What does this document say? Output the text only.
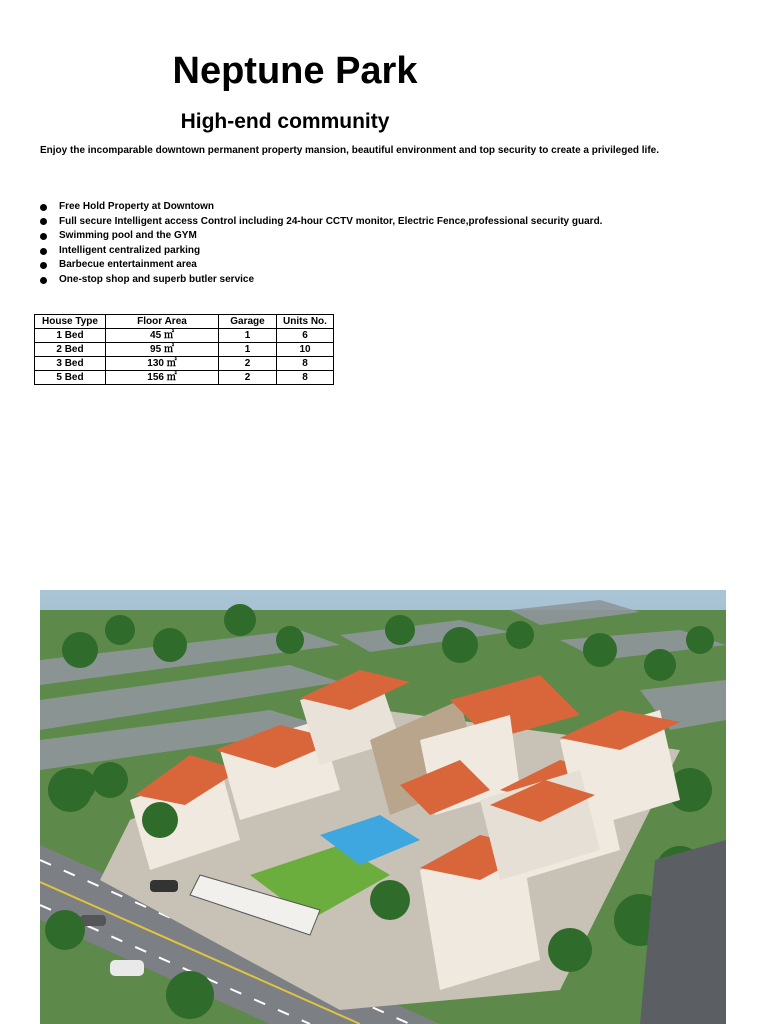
Neptune Park
High-end community
Enjoy the incomparable downtown permanent property mansion, beautiful environment and top security to create a privileged life.
Free Hold Property at Downtown
Full secure Intelligent access Control including 24-hour CCTV monitor, Electric Fence,professional security guard.
Swimming pool and the GYM
Intelligent centralized parking
Barbecue entertainment area
One-stop shop and superb butler service
House Type	Floor Area	Garage	Units No.
1 Bed	45 ㎡	1	6
2 Bed	95 ㎡	1	10
3 Bed	130 ㎡	2	8
5 Bed	156 ㎡	2	8
